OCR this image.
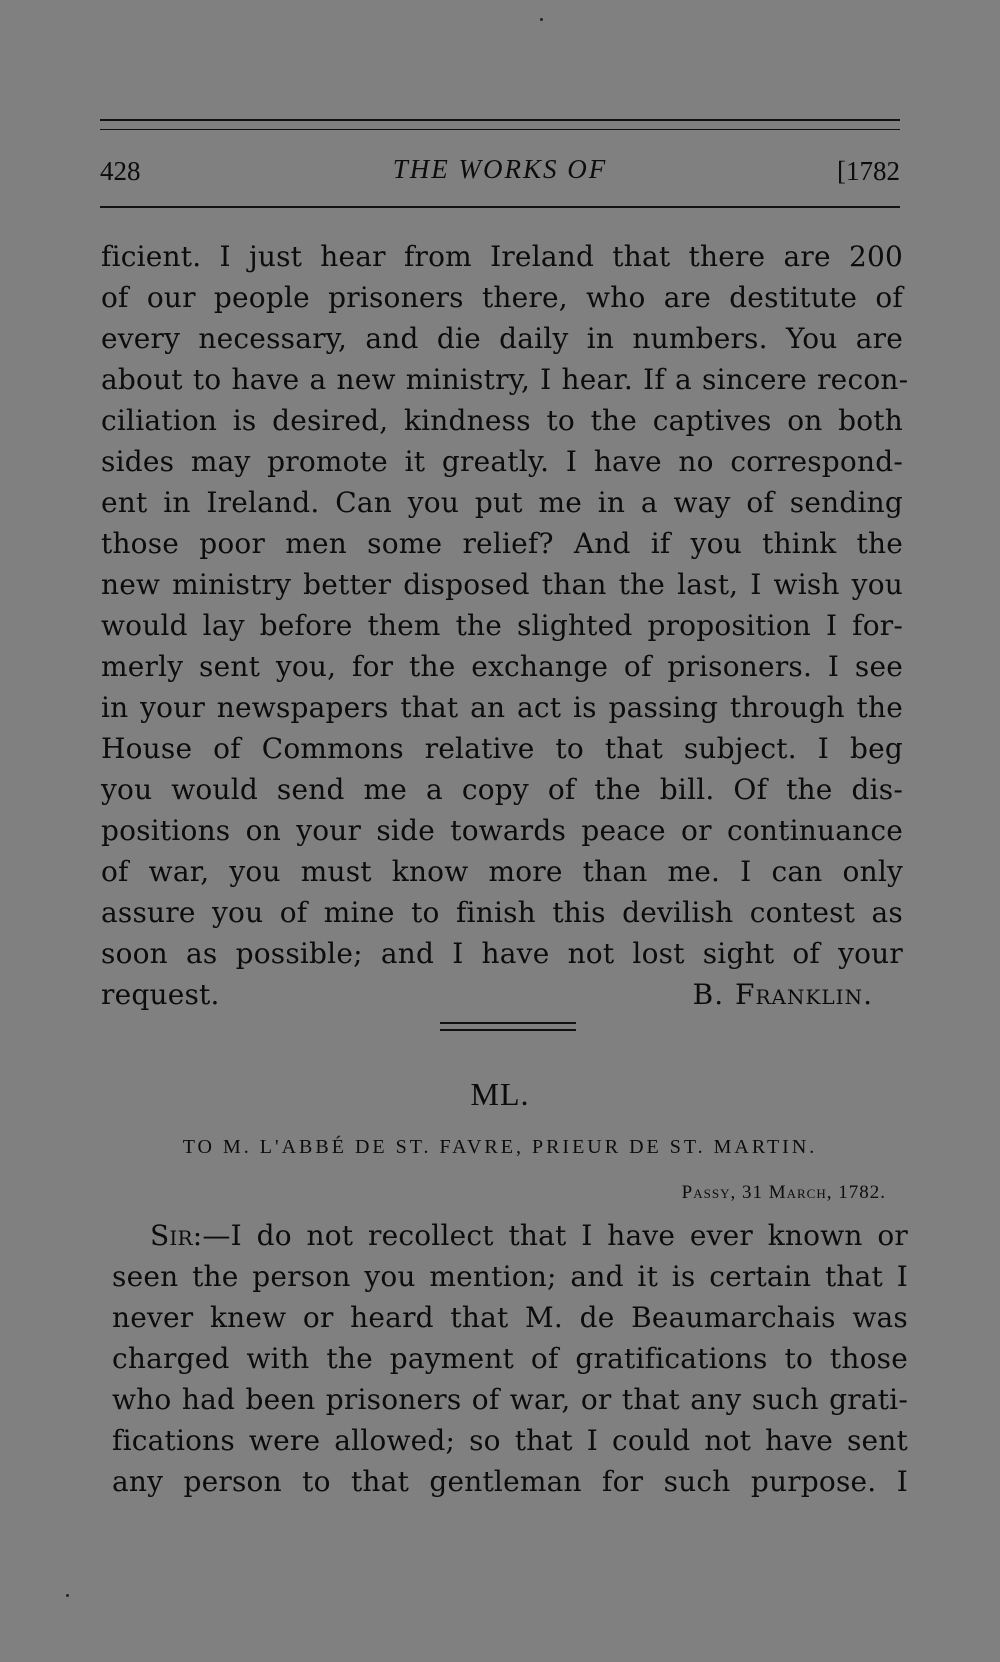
428	THE WORKS OF	[1782
ficient. I just hear from Ireland that there are 200
of our people prisoners there, who are destitute of
every necessary, and die daily in numbers. You are
about to have a new ministry, I hear. If a sincere recon-
ciliation is desired, kindness to the captives on both
sides may promote it greatly. I have no correspond-
ent in Ireland. Can you put me in a way of sending
those poor men some relief? And if you think the
new ministry better disposed than the last, I wish you
would lay before them the slighted proposition I for-
merly sent you, for the exchange of prisoners. I see
in your newspapers that an act is passing through the
House of Commons relative to that subject. I beg
you would send me a copy of the bill. Of the dis-
positions on your side towards peace or continuance
of war, you must know more than me. I can only
assure you of mine to finish this devilish contest as
soon as possible; and I have not lost sight of your
request.	B. Franklin.
ML.
TO M. L'ABBÉ DE ST. FAVRE, PRIEUR DE ST. MARTIN.
Passy, 31 March, 1782.
Sir:—I do not recollect that I have ever known or
seen the person you mention; and it is certain that I
never knew or heard that M. de Beaumarchais was
charged with the payment of gratifications to those
who had been prisoners of war, or that any such grati-
fications were allowed; so that I could not have sent
any person to that gentleman for such purpose. I
